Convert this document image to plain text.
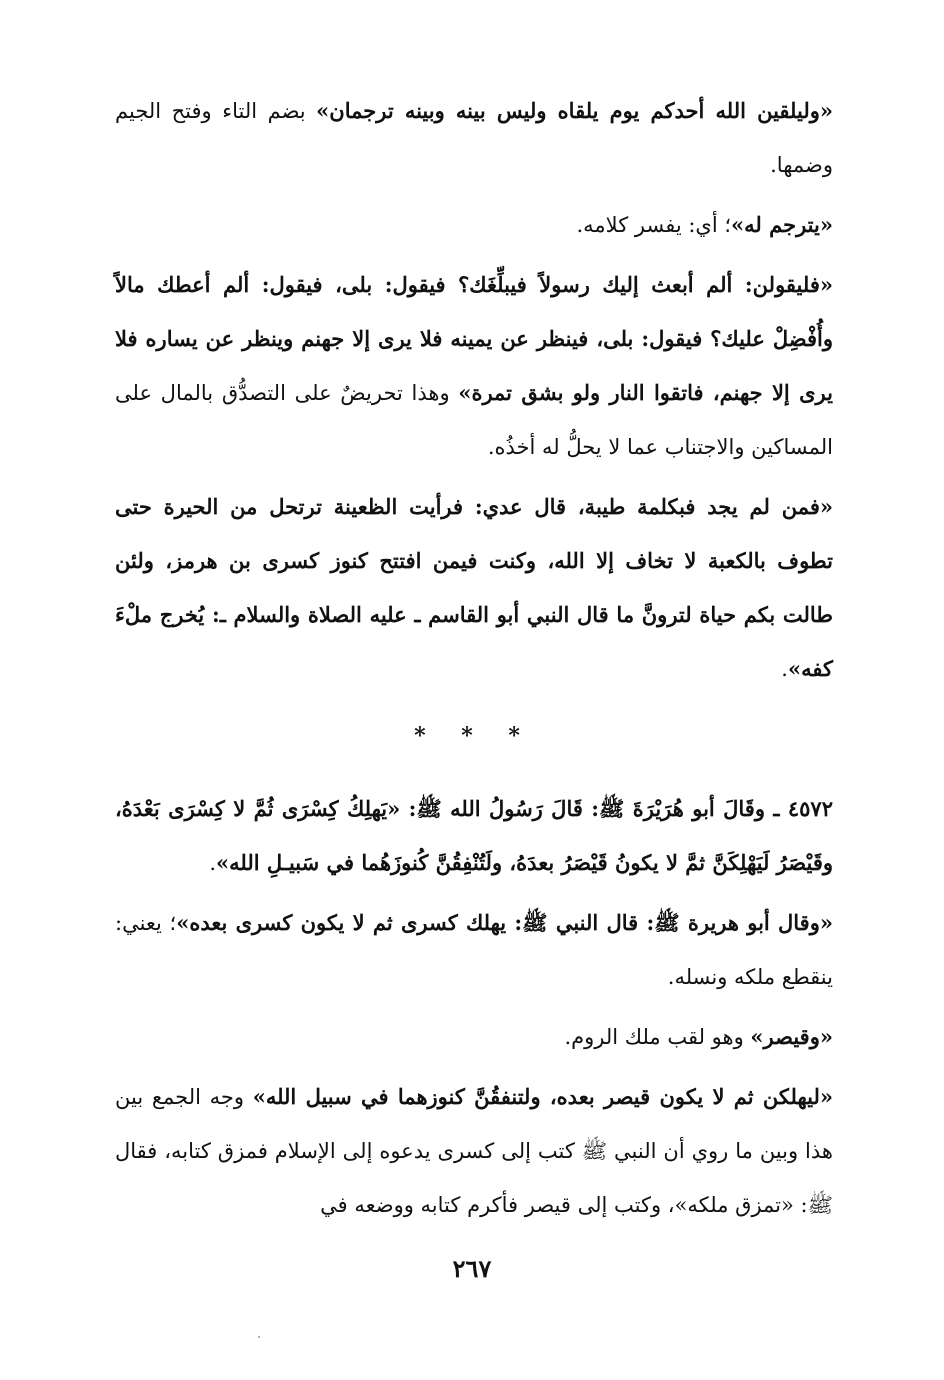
«وليلقين الله أحدكم يوم يلقاه وليس بينه وبينه ترجمان» بضم التاء وفتح الجيم وضمها.

«يترجم له»؛ أي: يفسر كلامه.

«فليقولن: ألم أبعث إليك رسولاً فيبلِّغَك؟ فيقول: بلى، فيقول: ألم أعطك مالاً وأُفْضِلْ عليك؟ فيقول: بلى، فينظر عن يمينه فلا يرى إلا جهنم وينظر عن يساره فلا يرى إلا جهنم، فاتقوا النار ولو بشق تمرة» وهذا تحريضٌ على التصدُّق بالمال على المساكين والاجتناب عما لا يحلُّ له أخذُه.

«فمن لم يجد فبكلمة طيبة، قال عدي: فرأيت الظعينة ترتحل من الحيرة حتى تطوف بالكعبة لا تخاف إلا الله، وكنت فيمن افتتح كنوز كسرى بن هرمز، ولئن طالت بكم حياة لترونَّ ما قال النبي أبو القاسم ـ عليه الصلاة والسلام ـ: يُخرج ملْءَ كفه».

* * *

٤٥٧٢ ـ وقَالَ أبو هُرَيْرَةَ ﷺ: قَالَ رَسُولُ الله ﷺ: «يَهلِكُ كِسْرَى ثُمَّ لا كِسْرَى بَعْدَهُ، وقَيْصَرُ لَيَهْلِكَنَّ ثمَّ لا يكونُ قَيْصَرُ بعدَهُ، ولَتُنْفِقُنَّ كُنوزَهُما في سَبيـلِ الله».

«وقال أبو هريرة ﷺ: قال النبي ﷺ: يهلك كسرى ثم لا يكون كسرى بعده»؛ يعني: ينقطع ملكه ونسله.

«وقيصر» وهو لقب ملك الروم.

«ليهلكن ثم لا يكون قيصر بعده، ولتنفقُنَّ كنوزهما في سبيل الله» وجه الجمع بين هذا وبين ما روي أن النبي ﷺ كتب إلى كسرى يدعوه إلى الإسلام فمزق كتابه، فقال ﷺ: «تمزق ملكه»، وكتب إلى قيصر فأكرم كتابه ووضعه في

٢٦٧
